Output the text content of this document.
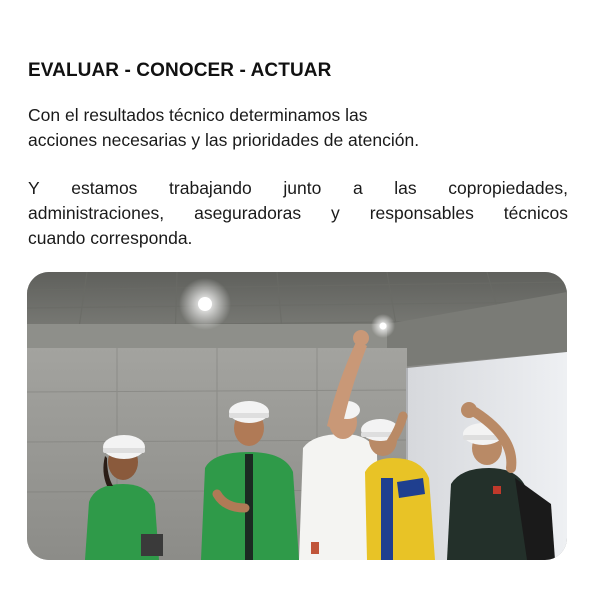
EVALUAR - CONOCER - ACTUAR
Con el resultados técnico determinamos las
acciones necesarias y las prioridades de atención.
Y estamos trabajando junto a las copropiedades,
administraciones, aseguradoras y responsables técnicos
cuando corresponda.
